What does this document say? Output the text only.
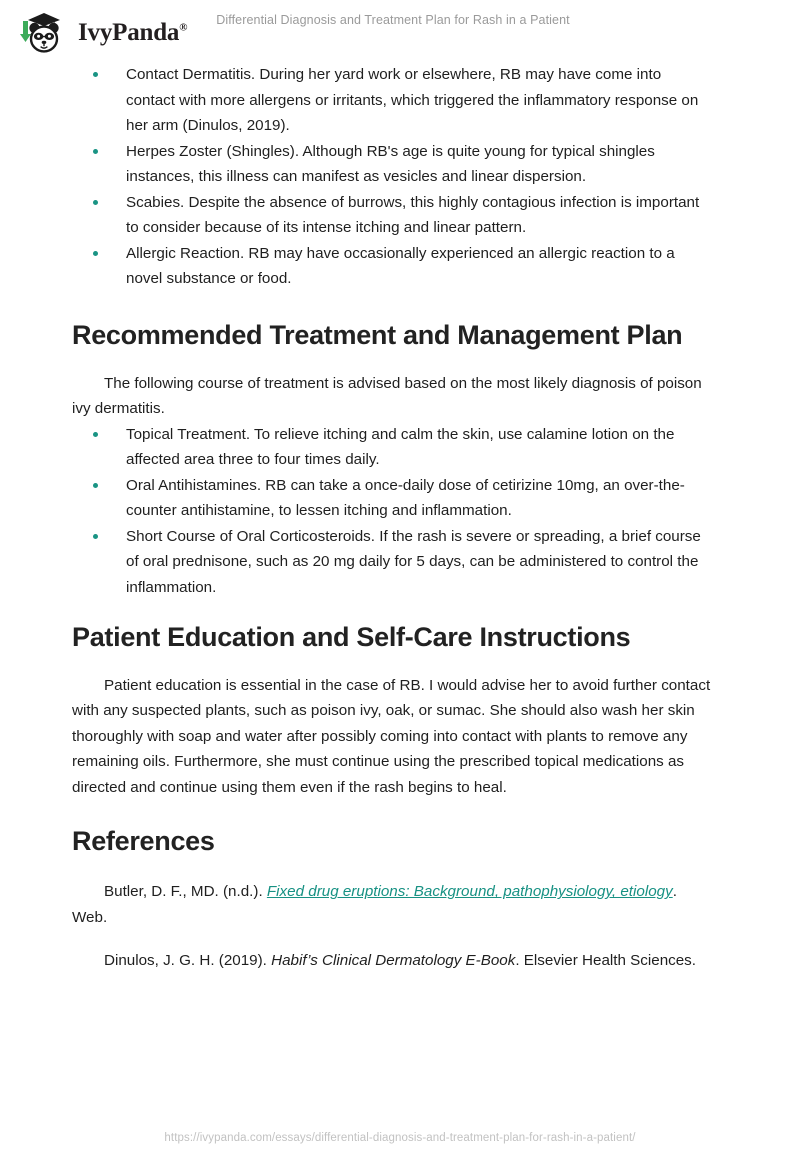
IvyPanda®
Differential Diagnosis and Treatment Plan for Rash in a Patient
Contact Dermatitis. During her yard work or elsewhere, RB may have come into contact with more allergens or irritants, which triggered the inflammatory response on her arm (Dinulos, 2019).
Herpes Zoster (Shingles). Although RB's age is quite young for typical shingles instances, this illness can manifest as vesicles and linear dispersion.
Scabies. Despite the absence of burrows, this highly contagious infection is important to consider because of its intense itching and linear pattern.
Allergic Reaction. RB may have occasionally experienced an allergic reaction to a novel substance or food.
Recommended Treatment and Management Plan

The following course of treatment is advised based on the most likely diagnosis of poison ivy dermatitis.

Topical Treatment. To relieve itching and calm the skin, use calamine lotion on the affected area three to four times daily.
Oral Antihistamines. RB can take a once-daily dose of cetirizine 10mg, an over-the-counter antihistamine, to lessen itching and inflammation.
Short Course of Oral Corticosteroids. If the rash is severe or spreading, a brief course of oral prednisone, such as 20 mg daily for 5 days, can be administered to control the inflammation.
Patient Education and Self-Care Instructions

Patient education is essential in the case of RB. I would advise her to avoid further contact with any suspected plants, such as poison ivy, oak, or sumac. She should also wash her skin thoroughly with soap and water after possibly coming into contact with plants to remove any remaining oils. Furthermore, she must continue using the prescribed topical medications as directed and continue using them even if the rash begins to heal.

References

Butler, D. F., MD. (n.d.). Fixed drug eruptions: Background, pathophysiology, etiology. Web.

Dinulos, J. G. H. (2019). Habif’s Clinical Dermatology E-Book. Elsevier Health Sciences.

https://ivypanda.com/essays/differential-diagnosis-and-treatment-plan-for-rash-in-a-patient/
